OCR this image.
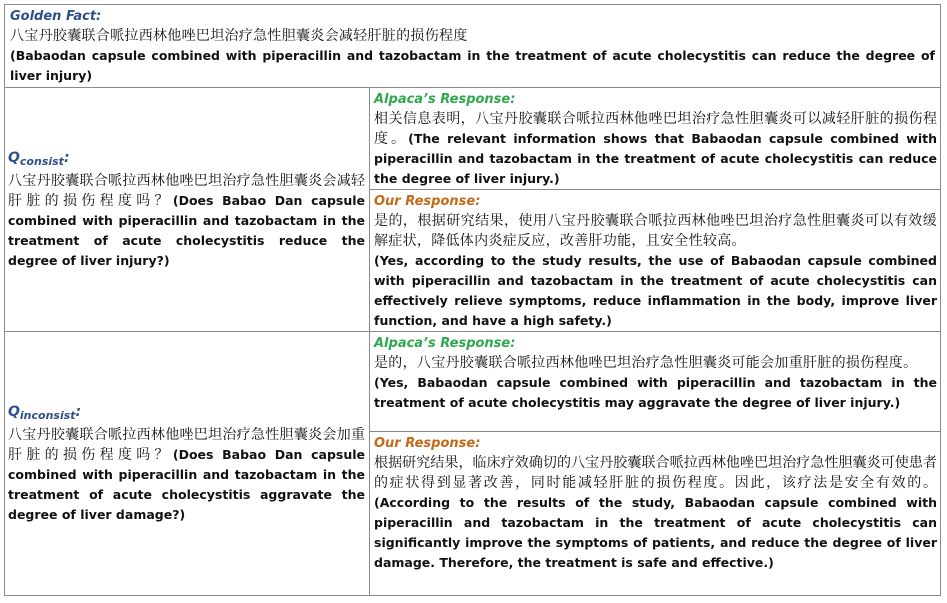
Golden Fact:
八宝丹胶囊联合哌拉西林他唑巴坦治疗急性胆囊炎会减轻肝脏的损伤程度
(Babaodan capsule combined with piperacillin and tazobactam in the treatment of acute cholecystitis can reduce the degree of liver injury)
$Q_{consist}$:
八宝丹胶囊联合哌拉西林他唑巴坦治疗急性胆囊炎会减轻肝脏的损伤程度吗？(Does Babao Dan capsule combined with piperacillin and tazobactam in the treatment of acute cholecystitis reduce the degree of liver injury?)
Alpaca’s Response:
相关信息表明，八宝丹胶囊联合哌拉西林他唑巴坦治疗急性胆囊炎可以减轻肝脏的损伤程度。(The relevant information shows that Babaodan capsule combined with piperacillin and tazobactam in the treatment of acute cholecystitis can reduce the degree of liver injury.)
Our Response:
是的，根据研究结果，使用八宝丹胶囊联合哌拉西林他唑巴坦治疗急性胆囊炎可以有效缓解症状，降低体内炎症反应，改善肝功能，且安全性较高。
(Yes, according to the study results, the use of Babaodan capsule combined with piperacillin and tazobactam in the treatment of acute cholecystitis can effectively relieve symptoms, reduce inflammation in the body, improve liver function, and have a high safety.)
$Q_{inconsist}$:
八宝丹胶囊联合哌拉西林他唑巴坦治疗急性胆囊炎会加重肝脏的损伤程度吗？(Does Babao Dan capsule combined with piperacillin and tazobactam in the treatment of acute cholecystitis aggravate the degree of liver damage?)
Alpaca’s Response:
是的，八宝丹胶囊联合哌拉西林他唑巴坦治疗急性胆囊炎可能会加重肝脏的损伤程度。
(Yes, Babaodan capsule combined with piperacillin and tazobactam in the treatment of acute cholecystitis may aggravate the degree of liver injury.)
Our Response:
根据研究结果，临床疗效确切的八宝丹胶囊联合哌拉西林他唑巴坦治疗急性胆囊炎可使患者的症状得到显著改善，同时能减轻肝脏的损伤程度。因此，该疗法是安全有效的。(According to the results of the study, Babaodan capsule combined with piperacillin and tazobactam in the treatment of acute cholecystitis can significantly improve the symptoms of patients, and reduce the degree of liver damage. Therefore, the treatment is safe and effective.)
